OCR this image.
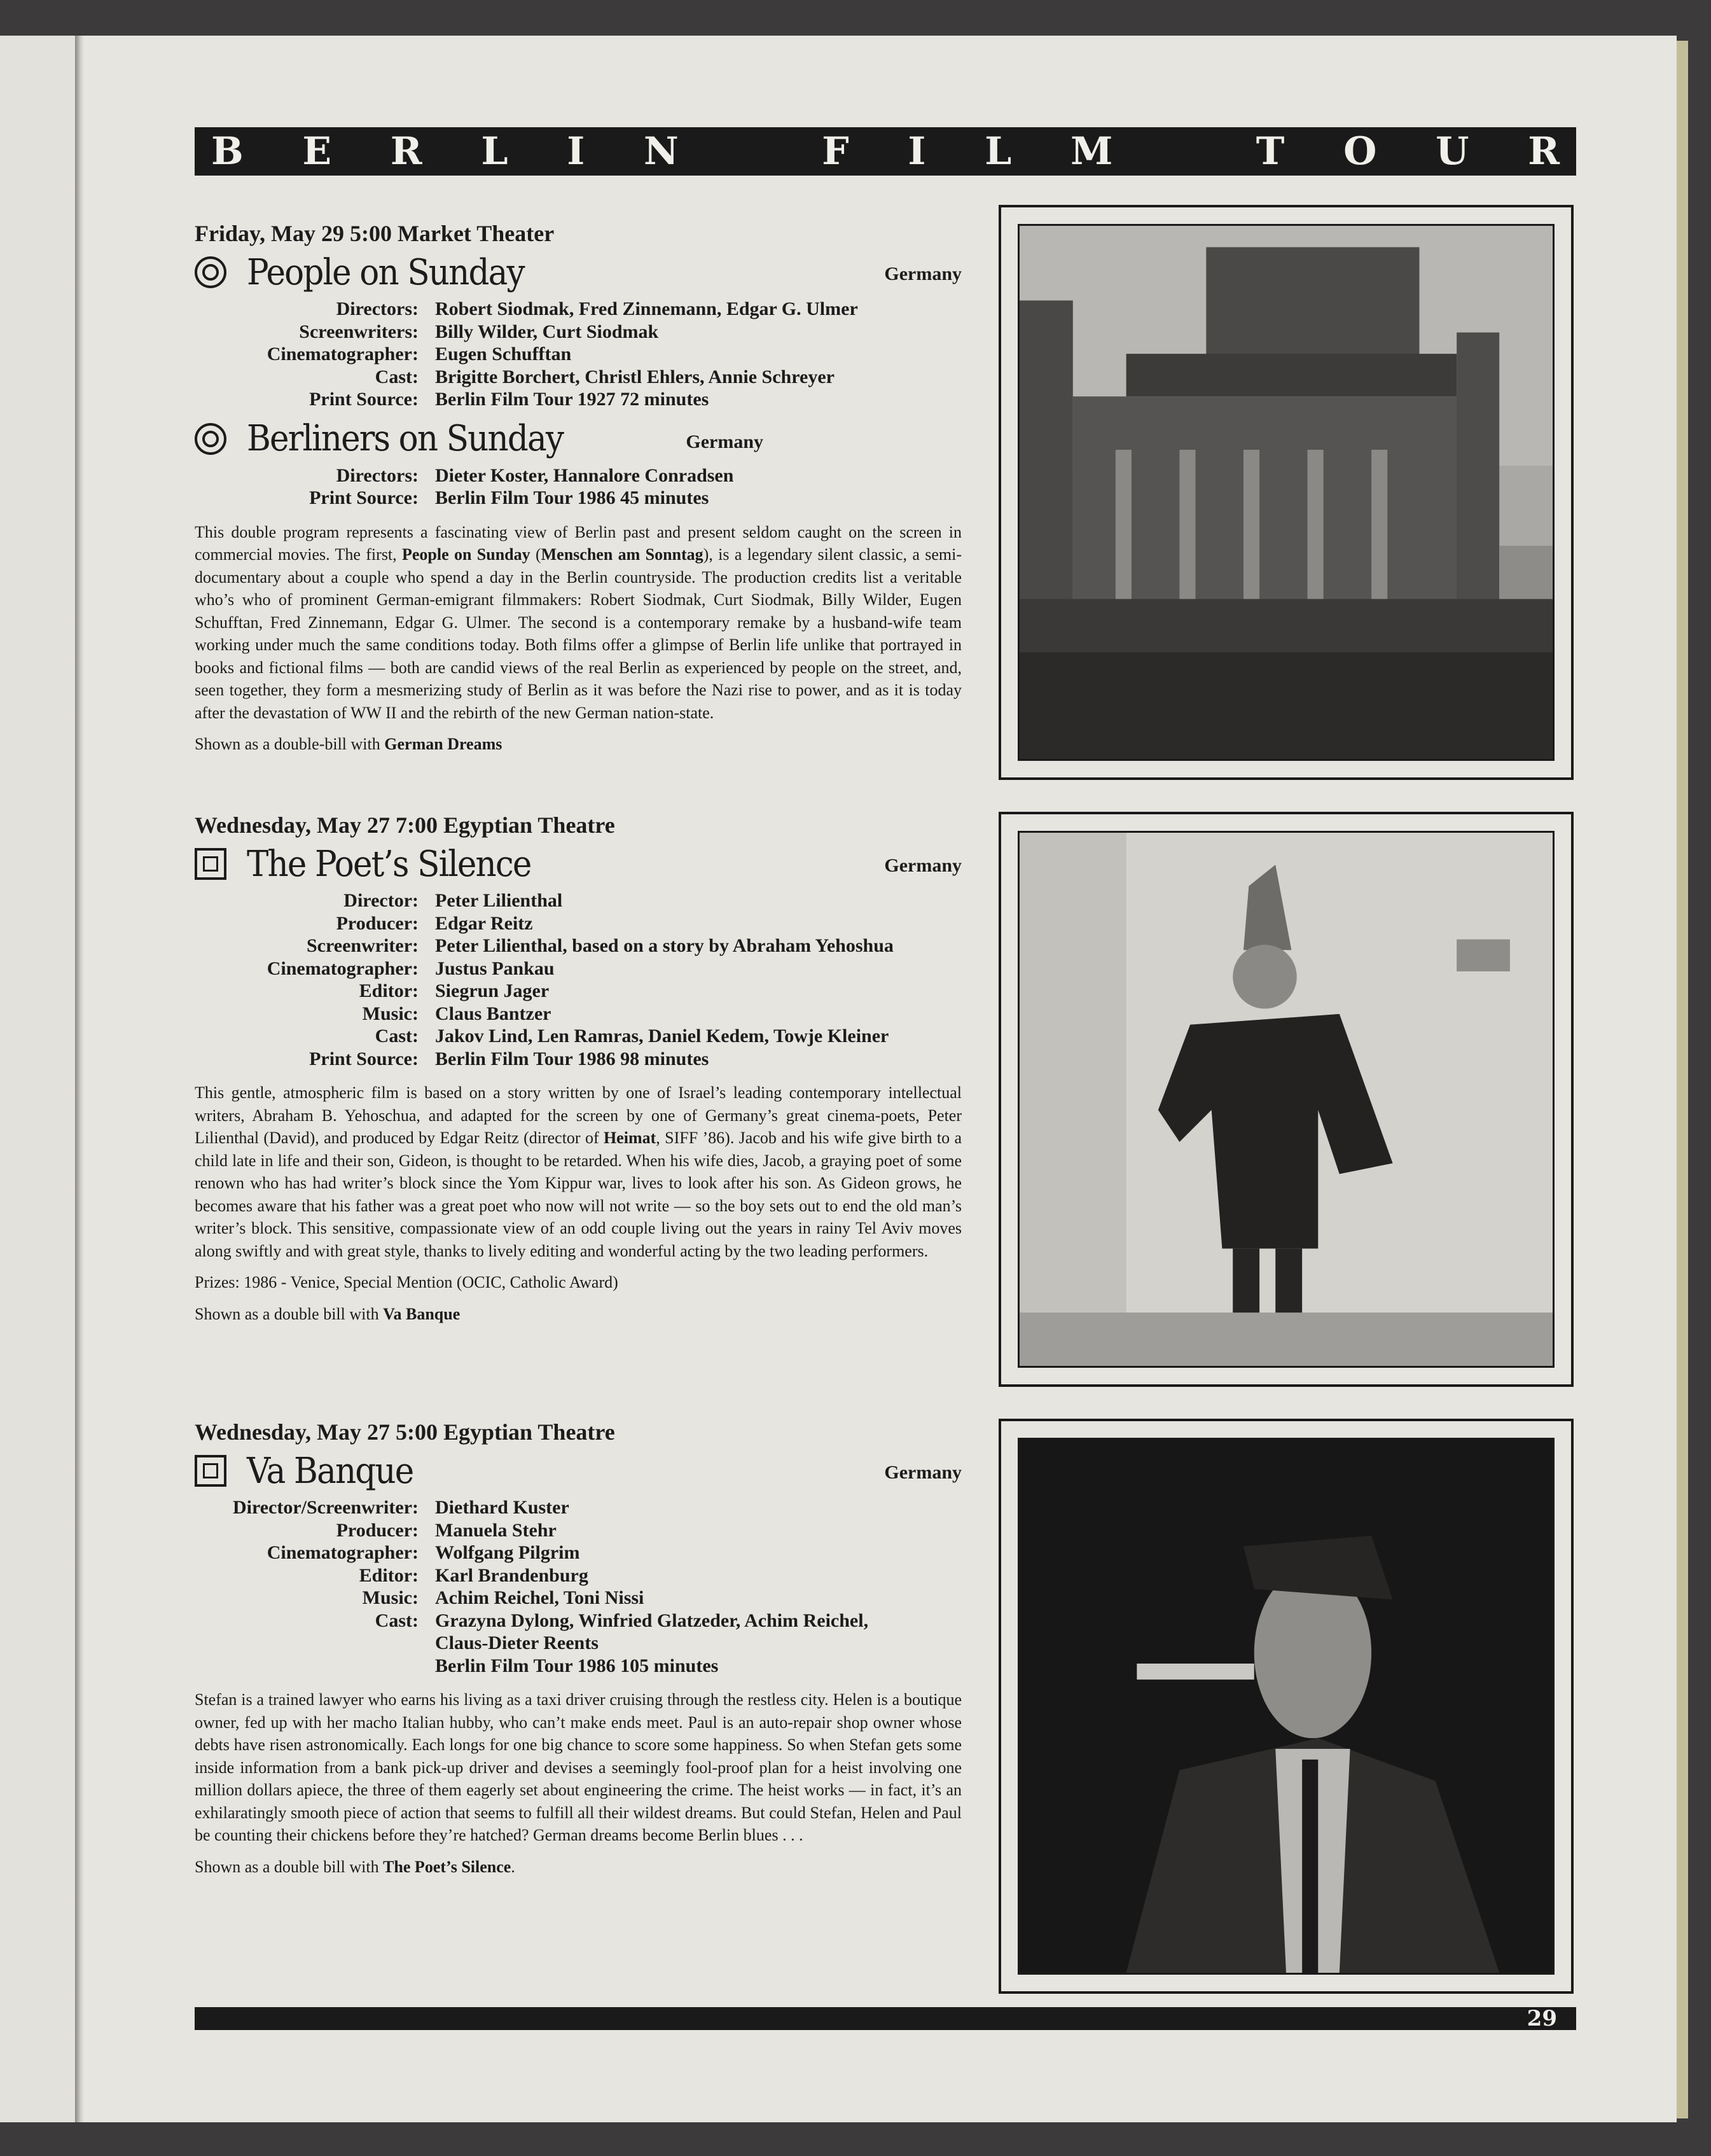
B E R L I N	F I L M	T O U R
Friday, May 29 5:00 Market Theater
People on Sunday	Germany
Directors: Robert Siodmak, Fred Zinnemann, Edgar G. Ulmer
Screenwriters: Billy Wilder, Curt Siodmak
Cinematographer: Eugen Schufftan
Cast: Brigitte Borchert, Christl Ehlers, Annie Schreyer
Print Source: Berlin Film Tour 1927 72 minutes
Berliners on Sunday	Germany
Directors: Dieter Koster, Hannalore Conradsen
Print Source: Berlin Film Tour 1986 45 minutes
This double program represents a fascinating view of Berlin past and present seldom caught on the screen in commercial movies. The first, People on Sunday (Menschen am Sonntag), is a legendary silent classic, a semi-documentary about a couple who spend a day in the Berlin countryside. The production credits list a veritable who’s who of prominent German-emigrant filmmakers: Robert Siodmak, Curt Siodmak, Billy Wilder, Eugen Schufftan, Fred Zinnemann, Edgar G. Ulmer. The second is a contemporary remake by a husband-wife team working under much the same conditions today. Both films offer a glimpse of Berlin life unlike that portrayed in books and fictional films — both are candid views of the real Berlin as experienced by people on the street, and, seen together, they form a mesmerizing study of Berlin as it was before the Nazi rise to power, and as it is today after the devastation of WW II and the rebirth of the new German nation-state.
Shown as a double-bill with German Dreams
Wednesday, May 27 7:00 Egyptian Theatre
The Poet’s Silence	Germany
Director: Peter Lilienthal
Producer: Edgar Reitz
Screenwriter: Peter Lilienthal, based on a story by Abraham Yehoshua
Cinematographer: Justus Pankau
Editor: Siegrun Jager
Music: Claus Bantzer
Cast: Jakov Lind, Len Ramras, Daniel Kedem, Towje Kleiner
Print Source: Berlin Film Tour 1986 98 minutes
This gentle, atmospheric film is based on a story written by one of Israel’s leading contemporary intellectual writers, Abraham B. Yehoschua, and adapted for the screen by one of Germany’s great cinema-poets, Peter Lilienthal (David), and produced by Edgar Reitz (director of Heimat, SIFF ’86). Jacob and his wife give birth to a child late in life and their son, Gideon, is thought to be retarded. When his wife dies, Jacob, a graying poet of some renown who has had writer’s block since the Yom Kippur war, lives to look after his son. As Gideon grows, he becomes aware that his father was a great poet who now will not write — so the boy sets out to end the old man’s writer’s block. This sensitive, compassionate view of an odd couple living out the years in rainy Tel Aviv moves along swiftly and with great style, thanks to lively editing and wonderful acting by the two leading performers.
Prizes: 1986 - Venice, Special Mention (OCIC, Catholic Award)
Shown as a double bill with Va Banque
Wednesday, May 27 5:00 Egyptian Theatre
Va Banque	Germany
Director/Screenwriter: Diethard Kuster
Producer: Manuela Stehr
Cinematographer: Wolfgang Pilgrim
Editor: Karl Brandenburg
Music: Achim Reichel, Toni Nissi
Cast: Grazyna Dylong, Winfried Glatzeder, Achim Reichel,
Claus-Dieter Reents
Berlin Film Tour 1986 105 minutes
Stefan is a trained lawyer who earns his living as a taxi driver cruising through the restless city. Helen is a boutique owner, fed up with her macho Italian hubby, who can’t make ends meet. Paul is an auto-repair shop owner whose debts have risen astronomically. Each longs for one big chance to score some happiness. So when Stefan gets some inside information from a bank pick-up driver and devises a seemingly fool-proof plan for a heist involving one million dollars apiece, the three of them eagerly set about engineering the crime. The heist works — in fact, it’s an exhilaratingly smooth piece of action that seems to fulfill all their wildest dreams. But could Stefan, Helen and Paul be counting their chickens before they’re hatched? German dreams become Berlin blues . . .
Shown as a double bill with The Poet’s Silence.
29
